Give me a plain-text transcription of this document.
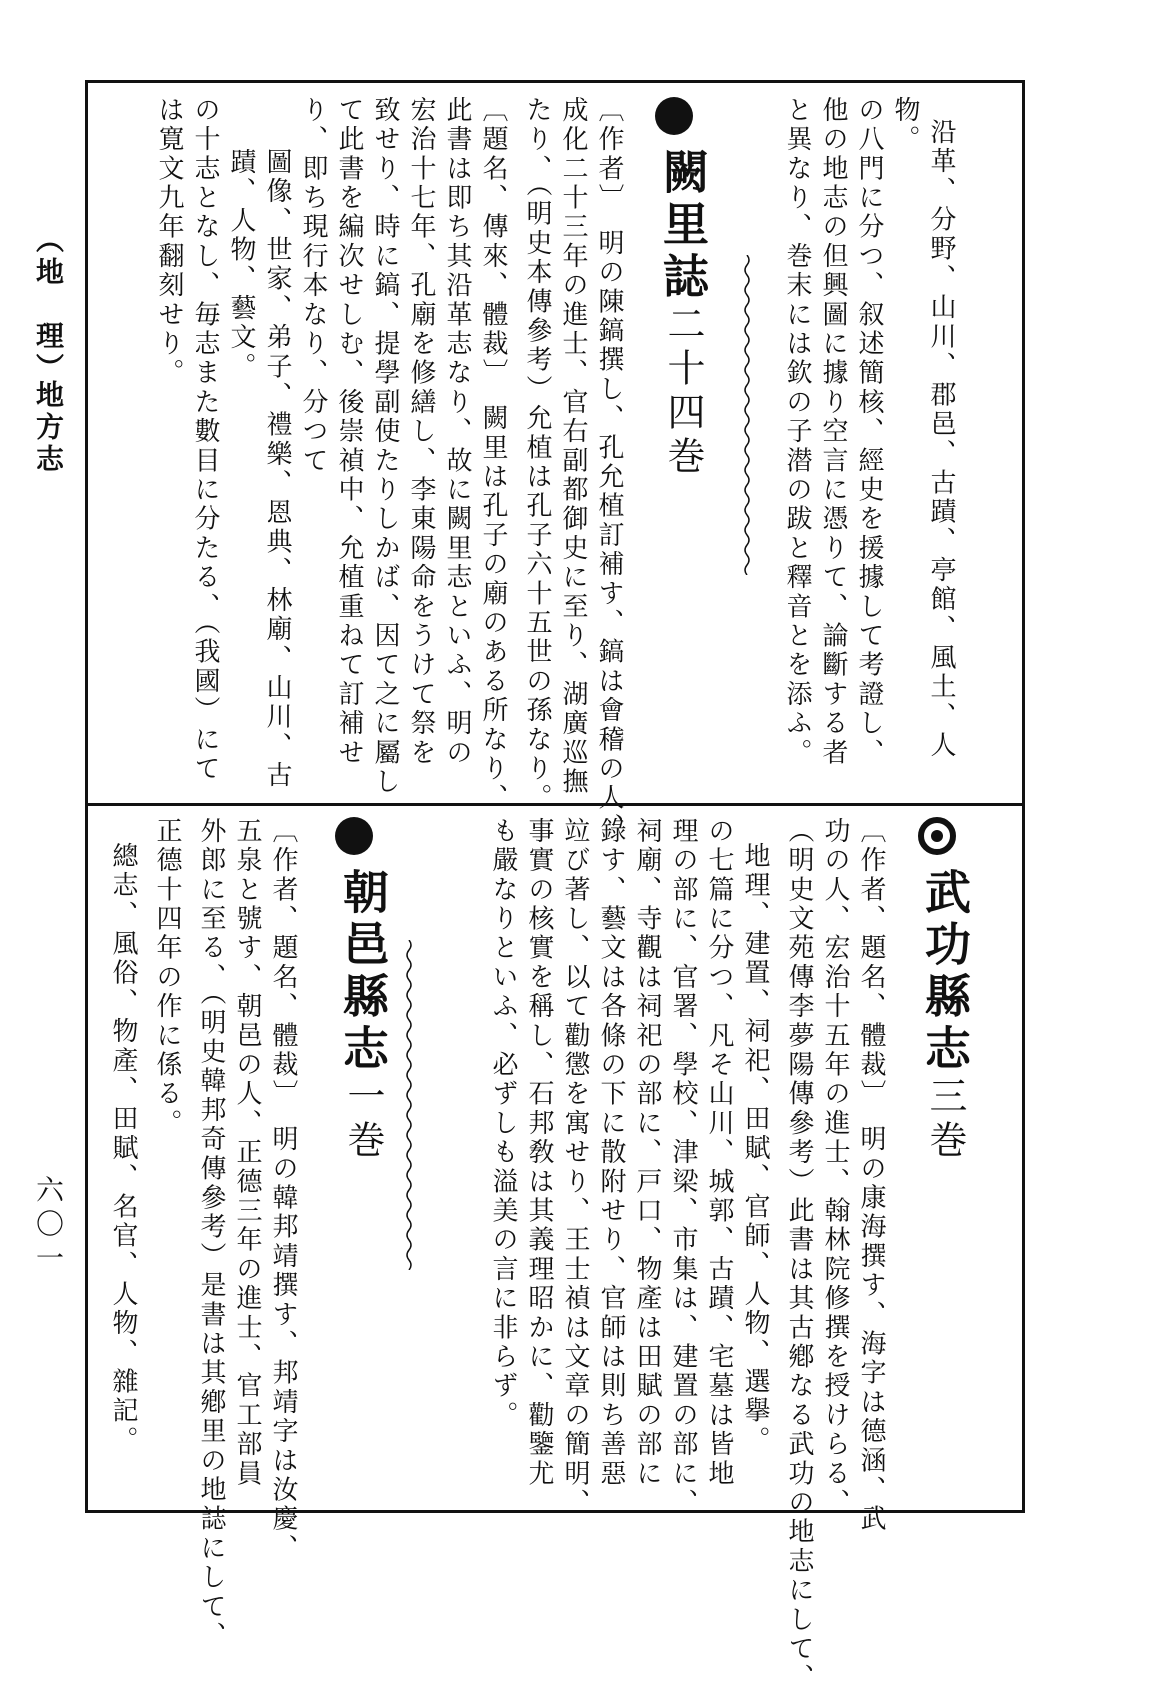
（地　理）
地方志
六〇一
沿革、分野、山川、郡邑、古蹟、亭館、風土、人
物。
の八門に分つ、叙述簡核、經史を援據して考證し、
他の地志の但興圖に據り空言に憑りて、論斷する者
と異なり、巻末には欽の子潜の跋と釋音とを添ふ。
闕里誌二十四巻
〔作者〕　明の陳鎬撰し、孔允植訂補す、鎬は會稽の人、
成化二十三年の進士、官右副都御史に至り、湖廣巡撫
たり、（明史本傳參考）允植は孔子六十五世の孫なり。
〔題名、傳來、體裁〕　闕里は孔子の廟のある所なり、
此書は即ち其沿革志なり、故に闕里志といふ、明の
宏治十七年、孔廟を修繕し、李東陽命をうけて祭を
致せり、時に鎬、提學副使たりしかば、因て之に屬し
て此書を編次せしむ、後崇禎中、允植重ねて訂補せ
り、即ち現行本なり、分つて
圖像、世家、弟子、禮樂、恩典、林廟、山川、古
蹟、人物、藝文。
の十志となし、毎志また數目に分たる、（我國）にて
は寛文九年翻刻せり。
武功縣志三巻
〔作者、題名、體裁〕　明の康海撰す、海字は德涵、武
功の人、宏治十五年の進士、翰林院修撰を授けらる、
（明史文苑傳李夢陽傳參考）此書は其古鄕なる武功の地志にして、
地理、建置、祠祀、田賦、官師、人物、選擧。
の七篇に分つ、凡そ山川、城郭、古蹟、宅墓は皆地
理の部に、官署、學校、津梁、市集は、建置の部に、
祠廟、寺觀は祠祀の部に、戸口、物產は田賦の部に
錄す、藝文は各條の下に散附せり、官師は則ち善惡
竝び著し、以て勸懲を寓せり、王士禎は文章の簡明、
事實の核實を稱し、石邦敎は其義理昭かに、勸鑒尤
も嚴なりといふ、必ずしも溢美の言に非らず。
朝邑縣志一巻
〔作者、題名、體裁〕　明の韓邦靖撰す、邦靖字は汝慶、
五泉と號す、朝邑の人、正德三年の進士、官工部員
外郎に至る、（明史韓邦奇傳參考）是書は其鄕里の地誌にして、
正德十四年の作に係る。
總志、風俗、物產、田賦、名官、人物、雜記。
